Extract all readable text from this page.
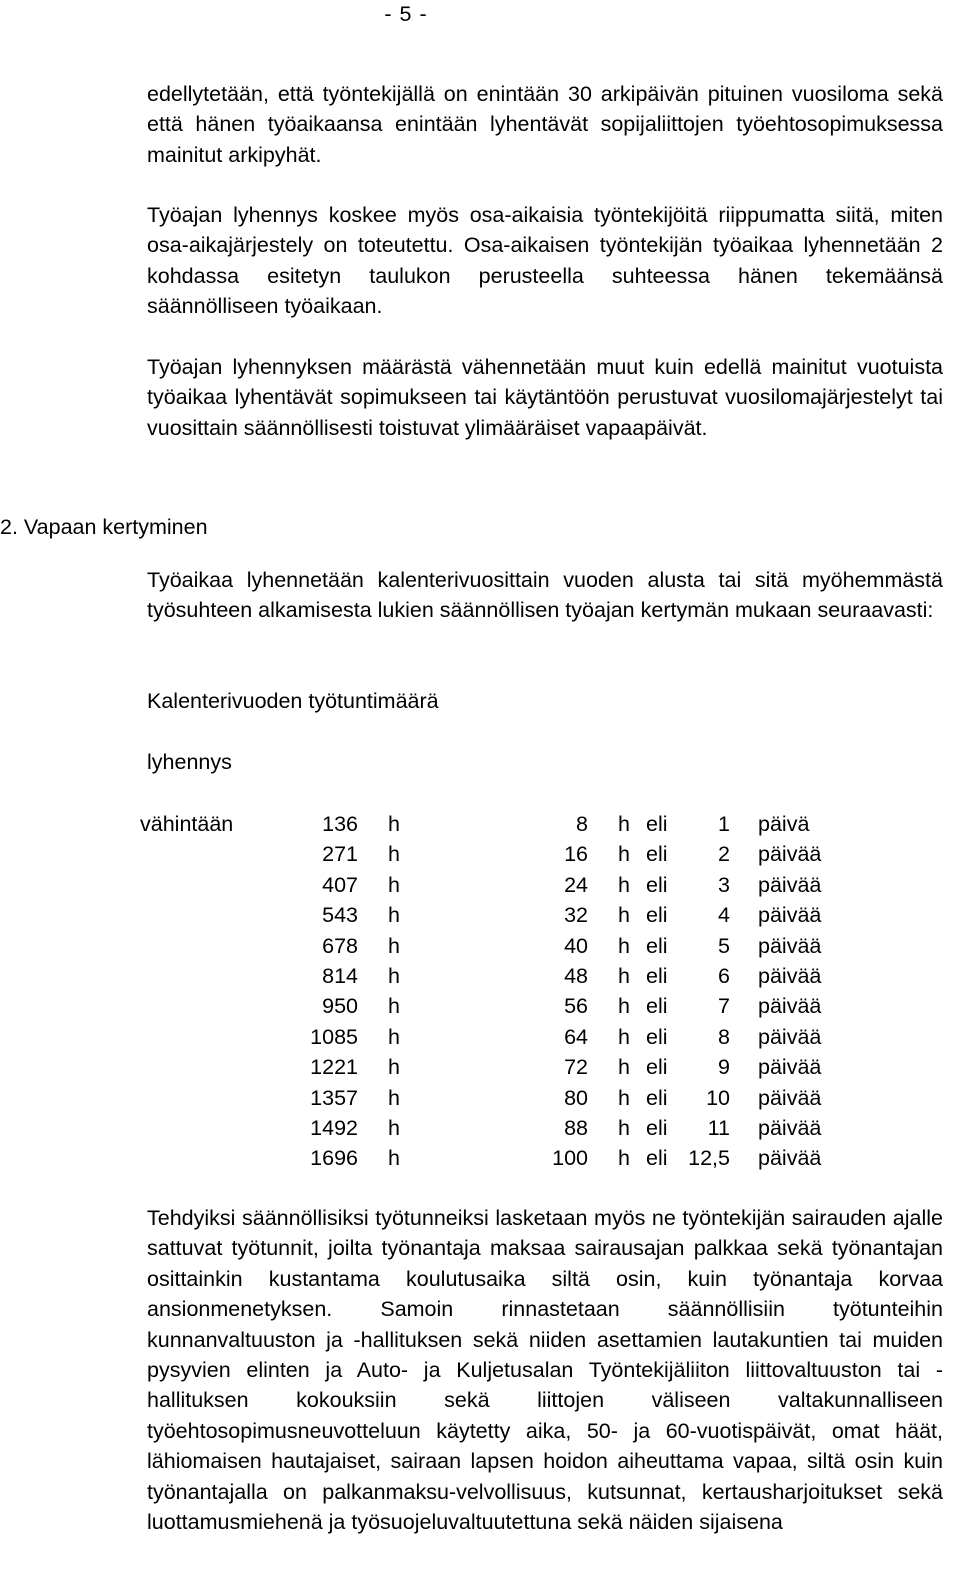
- 5 -

edellytetään, että työntekijällä on enintään 30 arkipäivän pituinen vuosiloma sekä että hänen työaikaansa enintään lyhentävät sopijaliittojen työehtosopimuksessa mainitut arkipyhät.

Työajan lyhennys koskee myös osa-aikaisia työntekijöitä riippumatta siitä, miten osa-aikajärjestely on toteutettu. Osa-aikaisen työntekijän työaikaa lyhennetään 2 kohdassa esitetyn taulukon perusteella suhteessa hänen tekemäänsä säännölliseen työaikaan.

Työajan lyhennyksen määrästä vähennetään muut kuin edellä mainitut vuotuista työaikaa lyhentävät sopimukseen tai käytäntöön perustuvat vuosilomajärjestelyt tai vuosittain säännöllisesti toistuvat ylimääräiset vapaapäivät.

2. Vapaan kertyminen

Työaikaa lyhennetään kalenterivuosittain vuoden alusta tai sitä myöhemmästä työsuhteen alkamisesta lukien säännöllisen työajan kertymän mukaan seuraavasti:

Kalenterivuoden työtuntimäärä

lyhennys

vähintään	136	h	8	h	eli	1	päivä
	271	h	16	h	eli	2	päivää
	407	h	24	h	eli	3	päivää
	543	h	32	h	eli	4	päivää
	678	h	40	h	eli	5	päivää
	814	h	48	h	eli	6	päivää
	950	h	56	h	eli	7	päivää
	1085	h	64	h	eli	8	päivää
	1221	h	72	h	eli	9	päivää
	1357	h	80	h	eli	10	päivää
	1492	h	88	h	eli	11	päivää
	1696	h	100	h	eli	12,5	päivää

Tehdyiksi säännöllisiksi työtunneiksi lasketaan myös ne työntekijän sairauden ajalle sattuvat työtunnit, joilta työnantaja maksaa sairausajan palkkaa sekä työnantajan osittainkin kustantama koulutusaika siltä osin, kuin työnantaja korvaa ansionmenetyksen. Samoin rinnastetaan säännöllisiin työtunteihin kunnanvaltuuston ja -hallituksen sekä niiden asettamien lautakuntien tai muiden pysyvien elinten ja Auto- ja Kuljetusalan Työntekijäliiton liittovaltuuston tai -hallituksen kokouksiin sekä liittojen väliseen valtakunnalliseen työehtosopimusneuvotteluun käytetty aika, 50- ja 60-vuotispäivät, omat häät, lähiomaisen hautajaiset, sairaan lapsen hoidon aiheuttama vapaa, siltä osin kuin työnantajalla on palkanmaksu-velvollisuus, kutsunnat, kertausharjoitukset sekä luottamusmiehenä ja työsuojeluvaltuutettuna sekä näiden sijaisena
